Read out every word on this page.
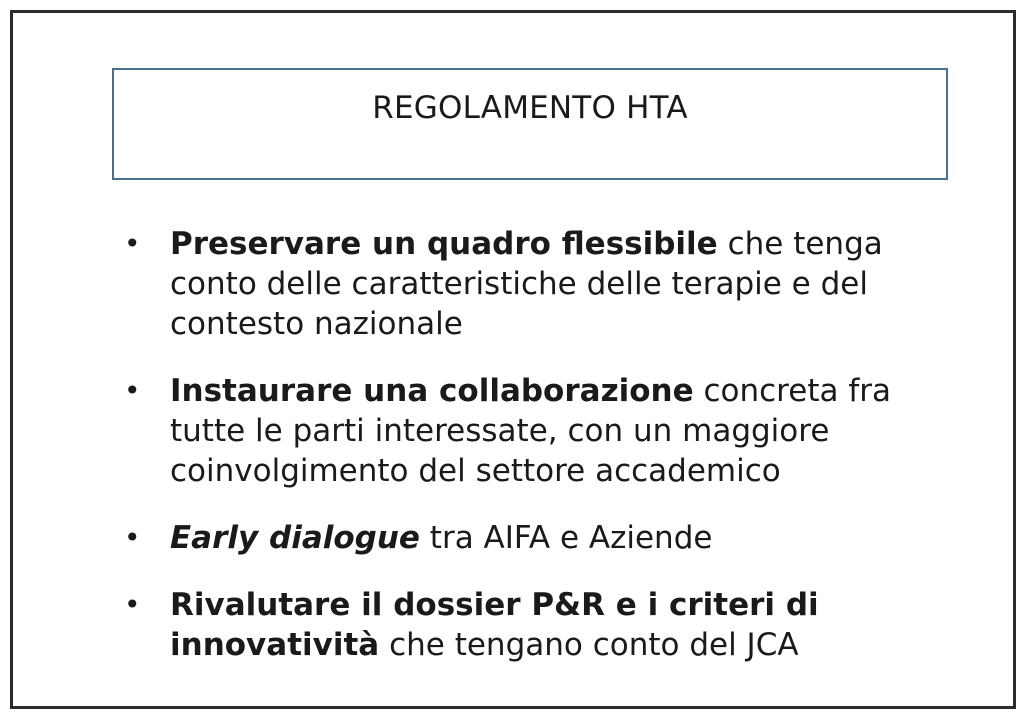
REGOLAMENTO HTA
• Preservare un quadro flessibile che tenga conto delle caratteristiche delle terapie e del contesto nazionale
• Instaurare una collaborazione concreta fra tutte le parti interessate, con un maggiore coinvolgimento del settore accademico
• Early dialogue tra AIFA e Aziende
• Rivalutare il dossier P&R e i criteri di innovatività che tengano conto del JCA
